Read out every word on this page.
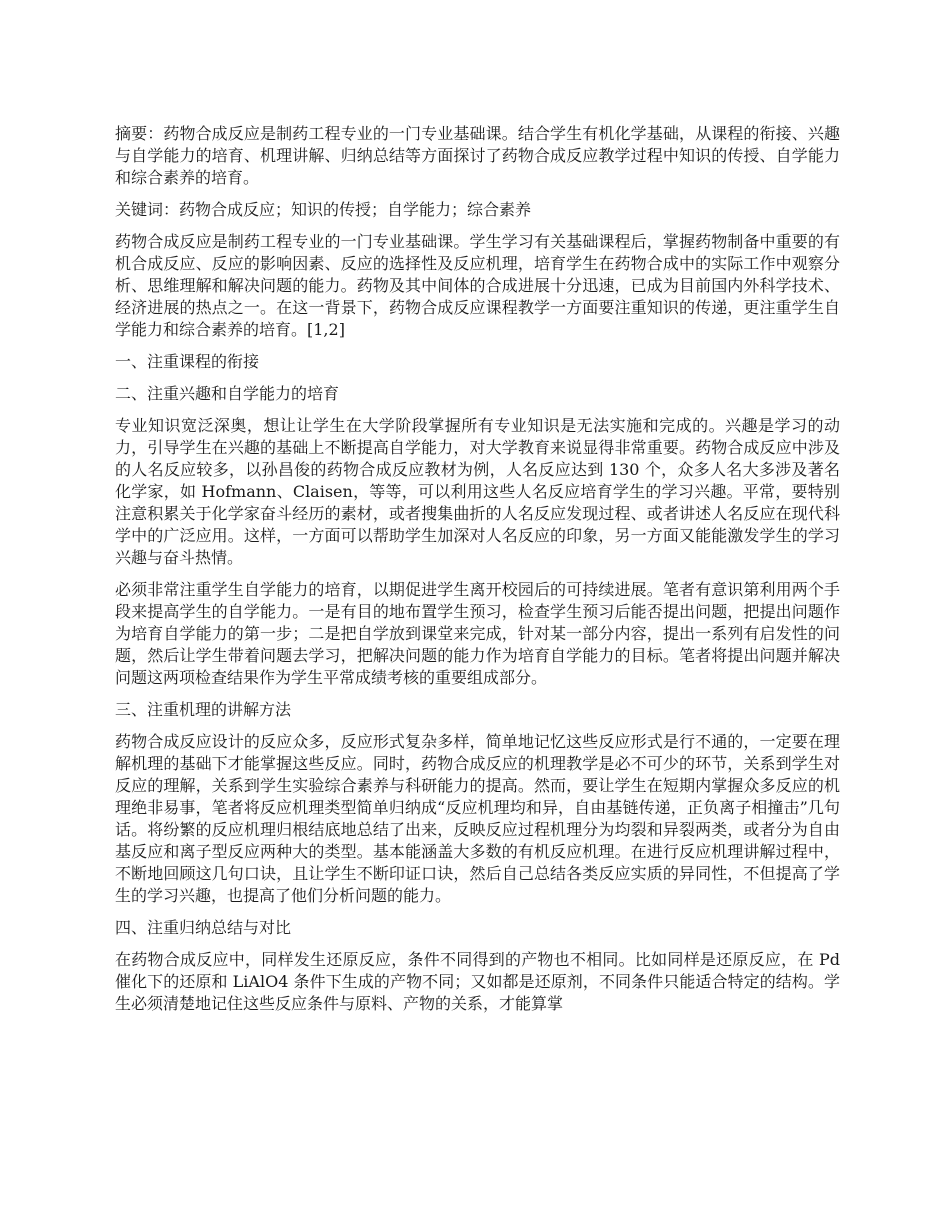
摘要：药物合成反应是制药工程专业的一门专业基础课。结合学生有机化学基础，从课程的衔接、兴趣与自学能力的培育、机理讲解、归纳总结等方面探讨了药物合成反应教学过程中知识的传授、自学能力和综合素养的培育。

关键词：药物合成反应；知识的传授；自学能力；综合素养

药物合成反应是制药工程专业的一门专业基础课。学生学习有关基础课程后，掌握药物制备中重要的有机合成反应、反应的影响因素、反应的选择性及反应机理，培育学生在药物合成中的实际工作中观察分析、思维理解和解决问题的能力。药物及其中间体的合成进展十分迅速，已成为目前国内外科学技术、经济进展的热点之一。在这一背景下，药物合成反应课程教学一方面要注重知识的传递，更注重学生自学能力和综合素养的培育。[1,2]

一、注重课程的衔接

二、注重兴趣和自学能力的培育

专业知识宽泛深奥，想让让学生在大学阶段掌握所有专业知识是无法实施和完成的。兴趣是学习的动力，引导学生在兴趣的基础上不断提高自学能力，对大学教育来说显得非常重要。药物合成反应中涉及的人名反应较多，以孙昌俊的药物合成反应教材为例，人名反应达到 130 个，众多人名大多涉及著名化学家，如 Hofmann、Claisen，等等，可以利用这些人名反应培育学生的学习兴趣。平常，要特别注意积累关于化学家奋斗经历的素材，或者搜集曲折的人名反应发现过程、或者讲述人名反应在现代科学中的广泛应用。这样，一方面可以帮助学生加深对人名反应的印象，另一方面又能能激发学生的学习兴趣与奋斗热情。

必须非常注重学生自学能力的培育，以期促进学生离开校园后的可持续进展。笔者有意识第利用两个手段来提高学生的自学能力。一是有目的地布置学生预习，检查学生预习后能否提出问题，把提出问题作为培育自学能力的第一步；二是把自学放到课堂来完成，针对某一部分内容，提出一系列有启发性的问题，然后让学生带着问题去学习，把解决问题的能力作为培育自学能力的目标。笔者将提出问题并解决问题这两项检查结果作为学生平常成绩考核的重要组成部分。

三、注重机理的讲解方法

药物合成反应设计的反应众多，反应形式复杂多样，简单地记忆这些反应形式是行不通的，一定要在理解机理的基础下才能掌握这些反应。同时，药物合成反应的机理教学是必不可少的环节，关系到学生对反应的理解，关系到学生实验综合素养与科研能力的提高。然而，要让学生在短期内掌握众多反应的机理绝非易事，笔者将反应机理类型简单归纳成“反应机理均和异，自由基链传递，正负离子相撞击”几句话。将纷繁的反应机理归根结底地总结了出来，反映反应过程机理分为均裂和异裂两类，或者分为自由基反应和离子型反应两种大的类型。基本能涵盖大多数的有机反应机理。在进行反应机理讲解过程中，不断地回顾这几句口诀，且让学生不断印证口诀，然后自己总结各类反应实质的异同性，不但提高了学生的学习兴趣，也提高了他们分析问题的能力。

四、注重归纳总结与对比

在药物合成反应中，同样发生还原反应，条件不同得到的产物也不相同。比如同样是还原反应，在 Pd 催化下的还原和 LiAlO4 条件下生成的产物不同；又如都是还原剂，不同条件只能适合特定的结构。学生必须清楚地记住这些反应条件与原料、产物的关系，才能算掌
